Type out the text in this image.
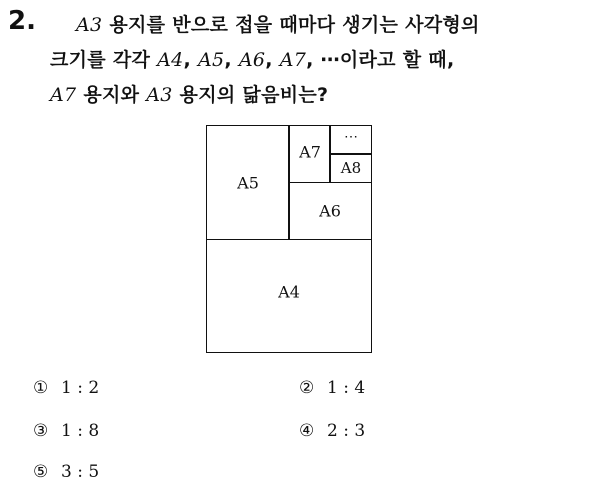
2. A3 용지를 반으로 접을 때마다 생기는 사각형의
크기를 각각 A4, A5, A6, A7, ⋯이라고 할 때,
A7 용지와 A3 용지의 닮음비는?
A4
A5
A6
A7
A8
⋯
① 1 : 2	② 1 : 4
③ 1 : 8	④ 2 : 3
⑤ 3 : 5
